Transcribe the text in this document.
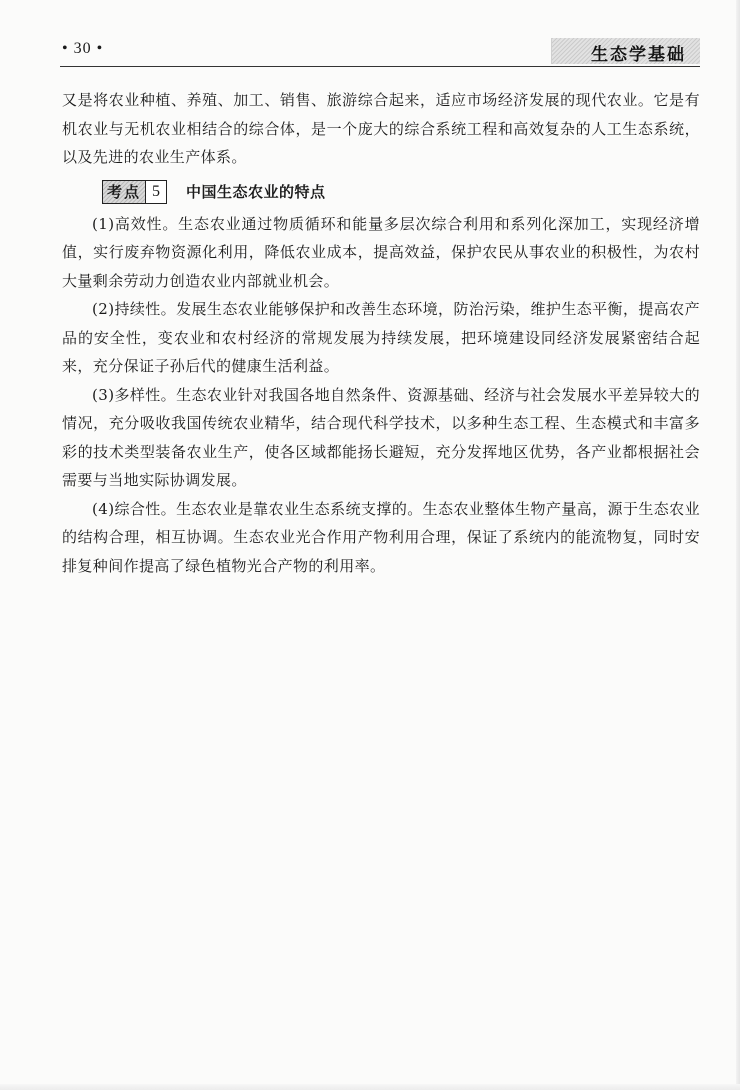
• 30 •	生态学基础

又是将农业种植、养殖、加工、销售、旅游综合起来，适应市场经济发展的现代农业。它是有机农业与无机农业相结合的综合体，是一个庞大的综合系统工程和高效复杂的人工生态系统，以及先进的农业生产体系。

考点 5	中国生态农业的特点

(1)高效性。生态农业通过物质循环和能量多层次综合利用和系列化深加工，实现经济增值，实行废弃物资源化利用，降低农业成本，提高效益，保护农民从事农业的积极性，为农村大量剩余劳动力创造农业内部就业机会。

(2)持续性。发展生态农业能够保护和改善生态环境，防治污染，维护生态平衡，提高农产品的安全性，变农业和农村经济的常规发展为持续发展，把环境建设同经济发展紧密结合起来，充分保证子孙后代的健康生活利益。

(3)多样性。生态农业针对我国各地自然条件、资源基础、经济与社会发展水平差异较大的情况，充分吸收我国传统农业精华，结合现代科学技术，以多种生态工程、生态模式和丰富多彩的技术类型装备农业生产，使各区域都能扬长避短，充分发挥地区优势，各产业都根据社会需要与当地实际协调发展。

(4)综合性。生态农业是靠农业生态系统支撑的。生态农业整体生物产量高，源于生态农业的结构合理，相互协调。生态农业光合作用产物利用合理，保证了系统内的能流物复，同时安排复种间作提高了绿色植物光合产物的利用率。
